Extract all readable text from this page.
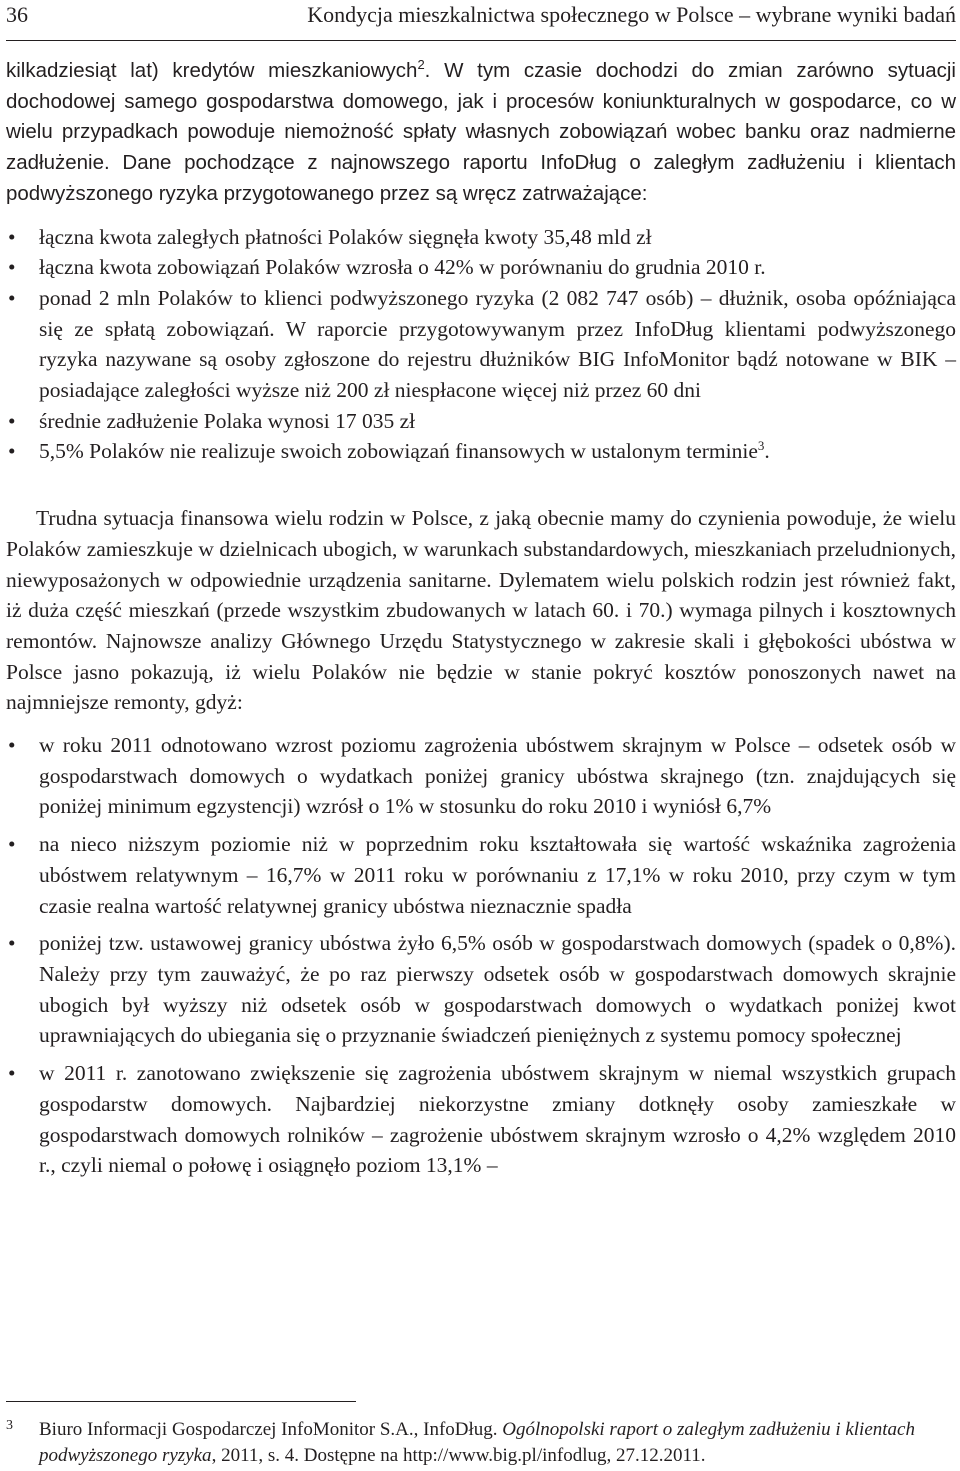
36	Kondycja mieszkalnictwa społecznego w Polsce – wybrane wyniki badań

kilkadziesiąt lat) kredytów mieszkaniowych$^2$. W tym czasie dochodzi do zmian zarówno sytuacji dochodowej samego gospodarstwa domowego, jak i procesów koniunkturalnych w gospodarce, co w wielu przypadkach powoduje niemożność spłaty własnych zobowiązań wobec banku oraz nadmierne zadłużenie. Dane pochodzące z najnowszego raportu InfoDług o zaległym zadłużeniu i klientach podwyższonego ryzyka przygotowanego przez są wręcz zatrważające:

• łączna kwota zaległych płatności Polaków sięgnęła kwoty 35,48 mld zł
• łączna kwota zobowiązań Polaków wzrosła o 42% w porównaniu do grudnia 2010 r.
• ponad 2 mln Polaków to klienci podwyższonego ryzyka (2 082 747 osób) – dłużnik, osoba opóźniająca się ze spłatą zobowiązań. W raporcie przygotowywanym przez InfoDług klientami podwyższonego ryzyka nazywane są osoby zgłoszone do rejestru dłużników BIG InfoMonitor bądź notowane w BIK – posiadające zaległości wyższe niż 200 zł niespłacone więcej niż przez 60 dni
• średnie zadłużenie Polaka wynosi 17 035 zł
• 5,5% Polaków nie realizuje swoich zobowiązań finansowych w ustalonym terminie$^3$.

Trudna sytuacja finansowa wielu rodzin w Polsce, z jaką obecnie mamy do czynienia powoduje, że wielu Polaków zamieszkuje w dzielnicach ubogich, w warunkach substandardowych, mieszkaniach przeludnionych, niewyposażonych w odpowiednie urządzenia sanitarne. Dylematem wielu polskich rodzin jest również fakt, iż duża część mieszkań (przede wszystkim zbudowanych w latach 60. i 70.) wymaga pilnych i kosztownych remontów. Najnowsze analizy Głównego Urzędu Statystycznego w zakresie skali i głębokości ubóstwa w Polsce jasno pokazują, iż wielu Polaków nie będzie w stanie pokryć kosztów ponoszonych nawet na najmniejsze remonty, gdyż:

• w roku 2011 odnotowano wzrost poziomu zagrożenia ubóstwem skrajnym w Polsce – odsetek osób w gospodarstwach domowych o wydatkach poniżej granicy ubóstwa skrajnego (tzn. znajdujących się poniżej minimum egzystencji) wzrósł o 1% w stosunku do roku 2010 i wyniósł 6,7%
• na nieco niższym poziomie niż w poprzednim roku kształtowała się wartość wskaźnika zagrożenia ubóstwem relatywnym – 16,7% w 2011 roku w porównaniu z 17,1% w roku 2010, przy czym w tym czasie realna wartość relatywnej granicy ubóstwa nieznacznie spadła
• poniżej tzw. ustawowej granicy ubóstwa żyło 6,5% osób w gospodarstwach domowych (spadek o 0,8%). Należy przy tym zauważyć, że po raz pierwszy odsetek osób w gospodarstwach domowych skrajnie ubogich był wyższy niż odsetek osób w gospodarstwach domowych o wydatkach poniżej kwot uprawniających do ubiegania się o przyznanie świadczeń pieniężnych z systemu pomocy społecznej
• w 2011 r. zanotowano zwiększenie się zagrożenia ubóstwem skrajnym w niemal wszystkich grupach gospodarstw domowych. Najbardziej niekorzystne zmiany dotknęły osoby zamieszkałe w gospodarstwach domowych rolników – zagrożenie ubóstwem skrajnym wzrosło o 4,2% względem 2010 r., czyli niemal o połowę i osiągnęło poziom 13,1% –
3 Biuro Informacji Gospodarczej InfoMonitor S.A., InfoDług. Ogólnopolski raport o zaległym zadłużeniu i klientach podwyższonego ryzyka, 2011, s. 4. Dostępne na http://www.big.pl/infodlug, 27.12.2011.
